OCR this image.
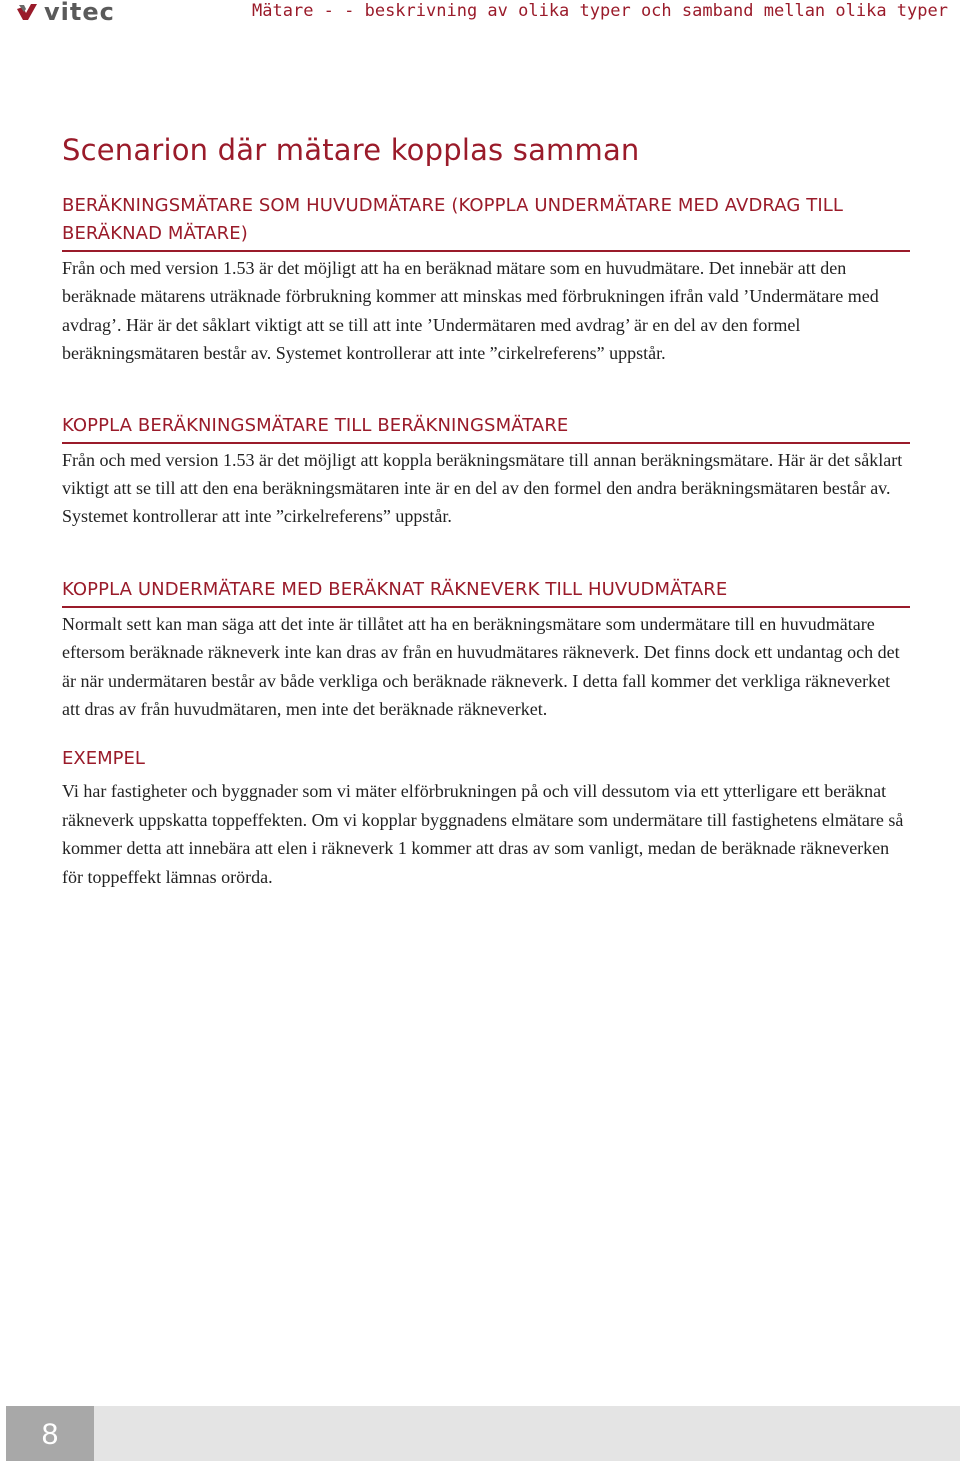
vitec	Mätare - - beskrivning av olika typer och samband mellan olika typer
Scenarion där mätare kopplas samman
BERÄKNINGSMÄTARE SOM HUVUDMÄTARE (KOPPLA UNDERMÄTARE MED AVDRAG TILL BERÄKNAD MÄTARE)

Från och med version 1.53 är det möjligt att ha en beräknad mätare som en huvudmätare. Det innebär att den beräknade mätarens uträknade förbrukning kommer att minskas med förbrukningen ifrån vald ’Undermätare med avdrag’. Här är det såklart viktigt att se till att inte ’Undermätaren med avdrag’ är en del av den formel beräkningsmätaren består av. Systemet kontrollerar att inte ”cirkelreferens” uppstår.

KOPPLA BERÄKNINGSMÄTARE TILL BERÄKNINGSMÄTARE

Från och med version 1.53 är det möjligt att koppla beräkningsmätare till annan beräkningsmätare. Här är det såklart viktigt att se till att den ena beräkningsmätaren inte är en del av den formel den andra beräkningsmätaren består av. Systemet kontrollerar att inte ”cirkelreferens” uppstår.

KOPPLA UNDERMÄTARE MED BERÄKNAT RÄKNEVERK TILL HUVUDMÄTARE

Normalt sett kan man säga att det inte är tillåtet att ha en beräkningsmätare som undermätare till en huvudmätare eftersom beräknade räkneverk inte kan dras av från en huvudmätares räkneverk. Det finns dock ett undantag och det är när undermätaren består av både verkliga och beräknade räkneverk. I detta fall kommer det verkliga räkneverket att dras av från huvudmätaren, men inte det beräknade räkneverket.

EXEMPEL

Vi har fastigheter och byggnader som vi mäter elförbrukningen på och vill dessutom via ett ytterligare ett beräknat räkneverk uppskatta toppeffekten. Om vi kopplar byggnadens elmätare som undermätare till fastighetens elmätare så kommer detta att innebära att elen i räkneverk 1 kommer att dras av som vanligt, medan de beräknade räkneverken för toppeffekt lämnas orörda.

8
